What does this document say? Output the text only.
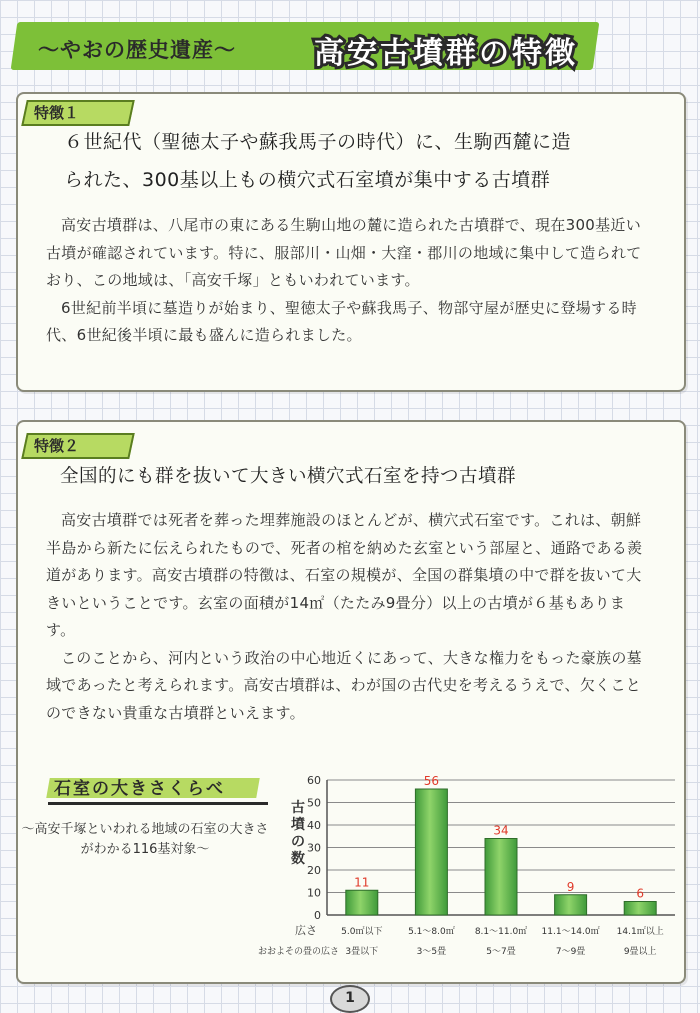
〜やおの歴史遺産〜	高安古墳群の特徴
特徴１
６世紀代（聖徳太子や蘇我馬子の時代）に、生駒西麓に造
られた、300基以上もの横穴式石室墳が集中する古墳群

高安古墳群は、八尾市の東にある生駒山地の麓に造られた古墳群で、現在300基近い古墳が確認されています。特に、服部川・山畑・大窪・郡川の地域に集中して造られており、この地域は、「高安千塚」ともいわれています。

6世紀前半頃に墓造りが始まり、聖徳太子や蘇我馬子、物部守屋が歴史に登場する時代、6世紀後半頃に最も盛んに造られました。

特徴２
全国的にも群を抜いて大きい横穴式石室を持つ古墳群

高安古墳群では死者を葬った埋葬施設のほとんどが、横穴式石室です。これは、朝鮮半島から新たに伝えられたもので、死者の棺を納めた玄室という部屋と、通路である羨道があります。高安古墳群の特徴は、石室の規模が、全国の群集墳の中で群を抜いて大きいということです。玄室の面積が14㎡（たたみ9畳分）以上の古墳が６基もあります。

このことから、河内という政治の中心地近くにあって、大きな権力をもった豪族の墓域であったと考えられます。高安古墳群は、わが国の古代史を考えるうえで、欠くことのできない貴重な古墳群といえます。

石室の大きさくらべ
〜高安千塚といわれる地域の石室の大きさがわかる116基対象〜
古墳の数
0
10
20
30
40
50
60
11
5.0㎡以下
3畳以下
56
5.1〜8.0㎡
3〜5畳
34
8.1〜11.0㎡
5〜7畳
9
11.1〜14.0㎡
7〜9畳
6
14.1㎡以上
9畳以上
広さ
おおよその畳の広さ
1
